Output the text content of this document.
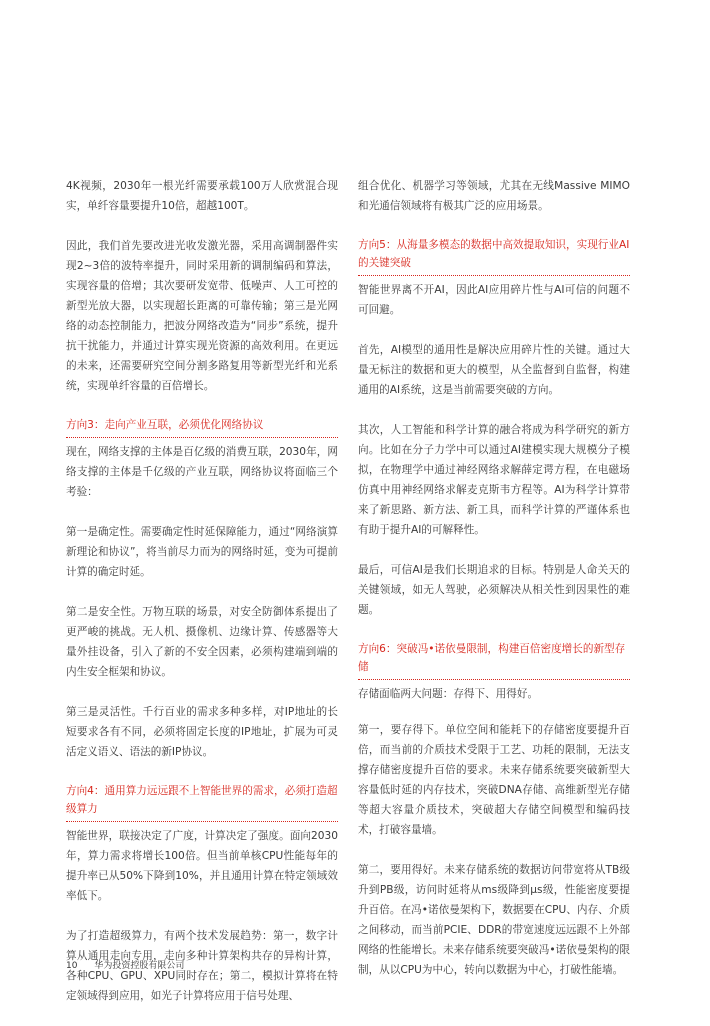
4K视频，2030年一根光纤需要承载100万人欣赏混合现实，单纤容量要提升10倍，超越100T。

因此，我们首先要改进光收发激光器，采用高调制器件实现2~3倍的波特率提升，同时采用新的调制编码和算法，实现容量的倍增；其次要研发宽带、低噪声、人工可控的新型光放大器，以实现超长距离的可靠传输；第三是光网络的动态控制能力，把波分网络改造为“同步”系统，提升抗干扰能力，并通过计算实现光资源的高效利用。在更远的未来，还需要研究空间分割多路复用等新型光纤和光系统，实现单纤容量的百倍增长。

方向3：走向产业互联，必须优化网络协议

现在，网络支撑的主体是百亿级的消费互联，2030年，网络支撑的主体是千亿级的产业互联，网络协议将面临三个考验：

第一是确定性。需要确定性时延保障能力，通过“网络演算新理论和协议”，将当前尽力而为的网络时延，变为可提前计算的确定时延。

第二是安全性。万物互联的场景，对安全防御体系提出了更严峻的挑战。无人机、摄像机、边缘计算、传感器等大量外挂设备，引入了新的不安全因素，必须构建端到端的内生安全框架和协议。

第三是灵活性。千行百业的需求多种多样，对IP地址的长短要求各有不同，必须将固定长度的IP地址，扩展为可灵活定义语义、语法的新IP协议。

方向4：通用算力远远跟不上智能世界的需求，必须打造超级算力

智能世界，联接决定了广度，计算决定了强度。面向2030年，算力需求将增长100倍。但当前单核CPU性能每年的提升率已从50%下降到10%，并且通用计算在特定领域效率低下。

为了打造超级算力，有两个技术发展趋势：第一，数字计算从通用走向专用，走向多种计算架构共存的异构计算，各种CPU、GPU、XPU同时存在；第二，模拟计算将在特定领域得到应用，如光子计算将应用于信号处理、

组合优化、机器学习等领域，尤其在无线Massive MIMO和光通信领域将有极其广泛的应用场景。

方向5：从海量多模态的数据中高效提取知识，实现行业AI的关键突破

智能世界离不开AI，因此AI应用碎片性与AI可信的问题不可回避。

首先，AI模型的通用性是解决应用碎片性的关键。通过大量无标注的数据和更大的模型，从全监督到自监督，构建通用的AI系统，这是当前需要突破的方向。

其次，人工智能和科学计算的融合将成为科学研究的新方向。比如在分子力学中可以通过AI建模实现大规模分子模拟，在物理学中通过神经网络求解薛定谔方程，在电磁场仿真中用神经网络求解麦克斯韦方程等。AI为科学计算带来了新思路、新方法、新工具，而科学计算的严谨体系也有助于提升AI的可解释性。

最后，可信AI是我们长期追求的目标。特别是人命关天的关键领域，如无人驾驶，必须解决从相关性到因果性的难题。

方向6：突破冯•诺依曼限制，构建百倍密度增长的新型存储

存储面临两大问题：存得下、用得好。

第一，要存得下。单位空间和能耗下的存储密度要提升百倍，而当前的介质技术受限于工艺、功耗的限制，无法支撑存储密度提升百倍的要求。未来存储系统要突破新型大容量低时延的内存技术，突破DNA存储、高维新型光存储等超大容量介质技术，突破超大存储空间模型和编码技术，打破容量墙。

第二，要用得好。未来存储系统的数据访问带宽将从TB级升到PB级，访问时延将从ms级降到μs级，性能密度要提升百倍。在冯•诺依曼架构下，数据要在CPU、内存、介质之间移动，而当前PCIE、DDR的带宽速度远远跟不上外部网络的性能增长。未来存储系统要突破冯•诺依曼架构的限制，从以CPU为中心，转向以数据为中心，打破性能墙。

10 华为投资控股有限公司
